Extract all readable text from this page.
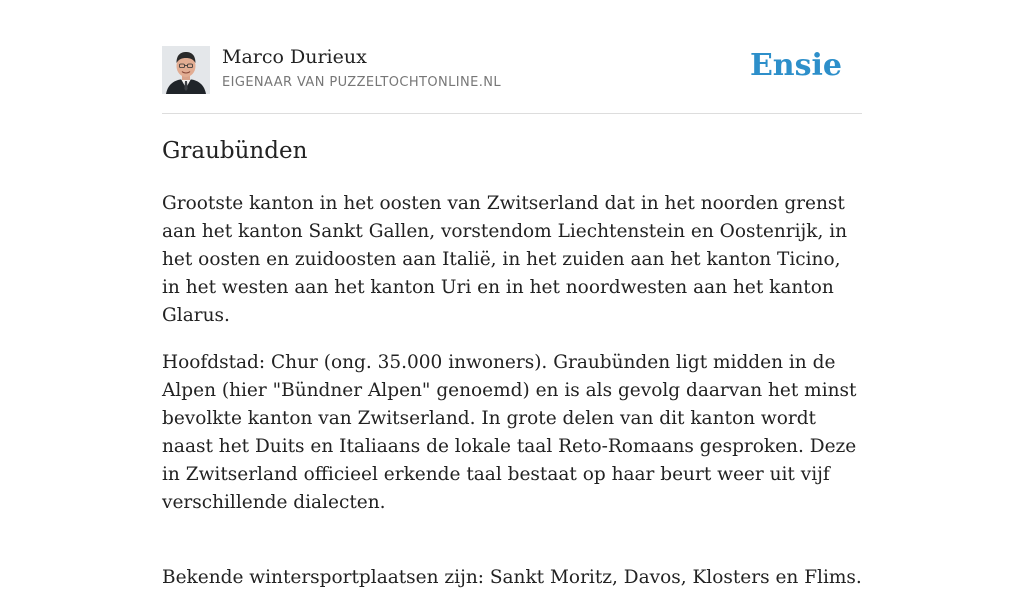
Marco Durieux
EIGENAAR VAN PUZZELTOCHTONLINE.NL	Ensie
Graubünden

Grootste kanton in het oosten van Zwitserland dat in het noorden grenst aan het kanton Sankt Gallen, vorstendom Liechtenstein en Oostenrijk, in het oosten en zuidoosten aan Italië, in het zuiden aan het kanton Ticino, in het westen aan het kanton Uri en in het noordwesten aan het kanton Glarus.

Hoofdstad: Chur (ong. 35.000 inwoners). Graubünden ligt midden in de Alpen (hier "Bündner Alpen" genoemd) en is als gevolg daarvan het minst bevolkte kanton van Zwitserland. In grote delen van dit kanton wordt naast het Duits en Italiaans de lokale taal Reto-Romaans gesproken. Deze in Zwitserland officieel erkende taal bestaat op haar beurt weer uit vijf verschillende dialecten.

Bekende wintersportplaatsen zijn: Sankt Moritz, Davos, Klosters en Flims.
